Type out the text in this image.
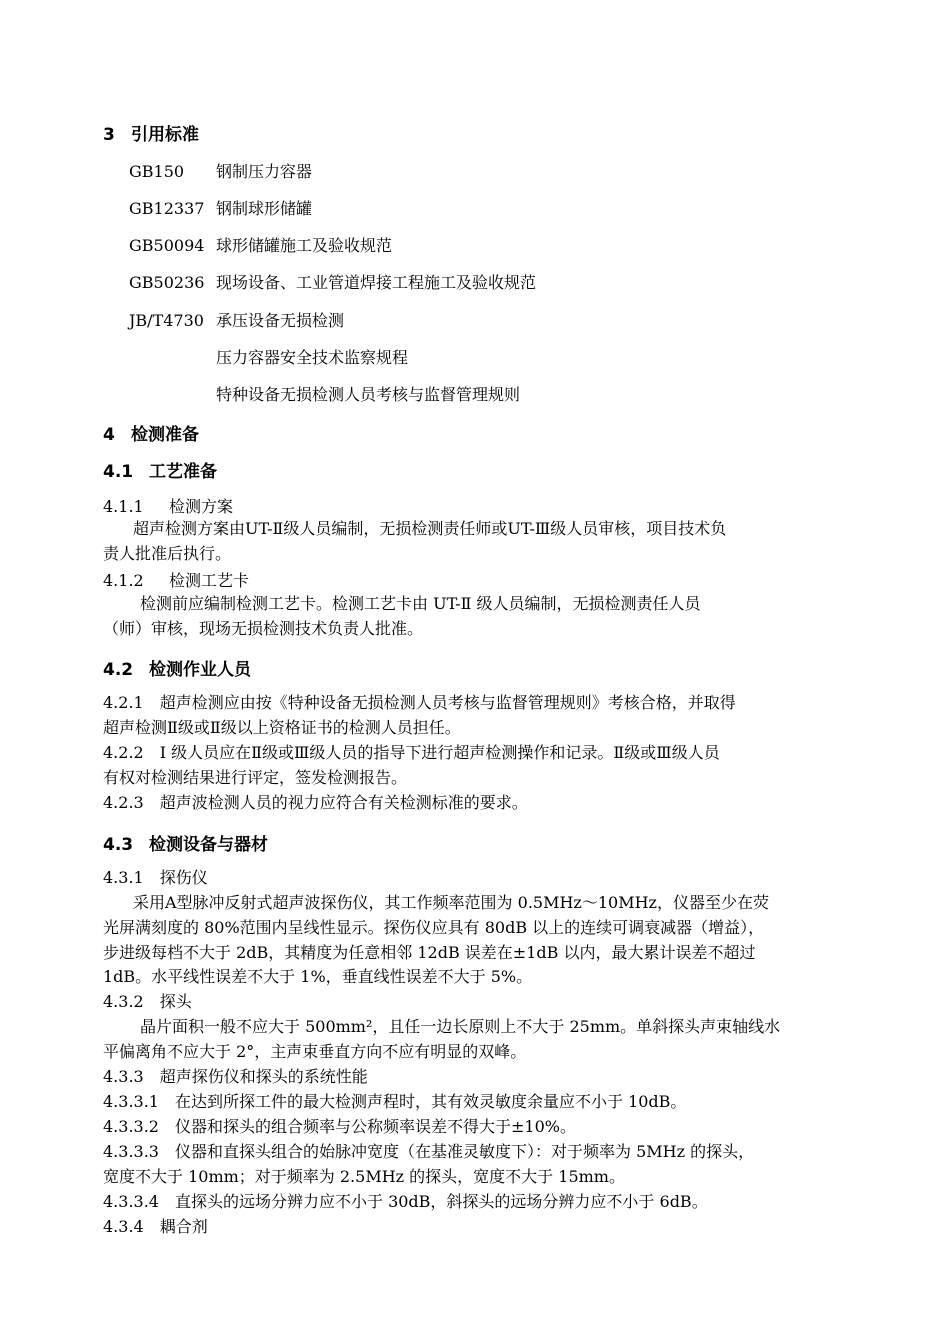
3 引用标准
GB150 钢制压力容器
GB12337 钢制球形储罐
GB50094 球形储罐施工及验收规范
GB50236 现场设备、工业管道焊接工程施工及验收规范
JB/T4730 承压设备无损检测
压力容器安全技术监察规程
特种设备无损检测人员考核与监督管理规则
4 检测准备
4.1 工艺准备
4.1.1 检测方案
超声检测方案由UT-Ⅱ级人员编制，无损检测责任师或UT-Ⅲ级人员审核，项目技术负
责人批准后执行。
4.1.2 检测工艺卡
检测前应编制检测工艺卡。检测工艺卡由 UT-Ⅱ 级人员编制，无损检测责任人员
（师）审核，现场无损检测技术负责人批准。
4.2 检测作业人员
4.2.1　超声检测应由按《特种设备无损检测人员考核与监督管理规则》考核合格，并取得
超声检测Ⅱ级或Ⅱ级以上资格证书的检测人员担任。
4.2.2　Ⅰ 级人员应在Ⅱ级或Ⅲ级人员的指导下进行超声检测操作和记录。Ⅱ级或Ⅲ级人员
有权对检测结果进行评定，签发检测报告。
4.2.3　超声波检测人员的视力应符合有关检测标准的要求。
4.3 检测设备与器材
4.3.1　探伤仪
采用A型脉冲反射式超声波探伤仪，其工作频率范围为 0.5MHz～10MHz，仪器至少在荧
光屏满刻度的 80%范围内呈线性显示。探伤仪应具有 80dB 以上的连续可调衰减器（增益），
步进级每档不大于 2dB，其精度为任意相邻 12dB 误差在±1dB 以内，最大累计误差不超过
1dB。水平线性误差不大于 1%，垂直线性误差不大于 5%。
4.3.2　探头
晶片面积一般不应大于 500mm²，且任一边长原则上不大于 25mm。单斜探头声束轴线水
平偏离角不应大于 2°，主声束垂直方向不应有明显的双峰。
4.3.3　超声探伤仪和探头的系统性能
4.3.3.1　在达到所探工件的最大检测声程时，其有效灵敏度余量应不小于 10dB。
4.3.3.2　仪器和探头的组合频率与公称频率误差不得大于±10%。
4.3.3.3　仪器和直探头组合的始脉冲宽度（在基准灵敏度下）：对于频率为 5MHz 的探头，
宽度不大于 10mm；对于频率为 2.5MHz 的探头，宽度不大于 15mm。
4.3.3.4　直探头的远场分辨力应不小于 30dB，斜探头的远场分辨力应不小于 6dB。
4.3.4　耦合剂
